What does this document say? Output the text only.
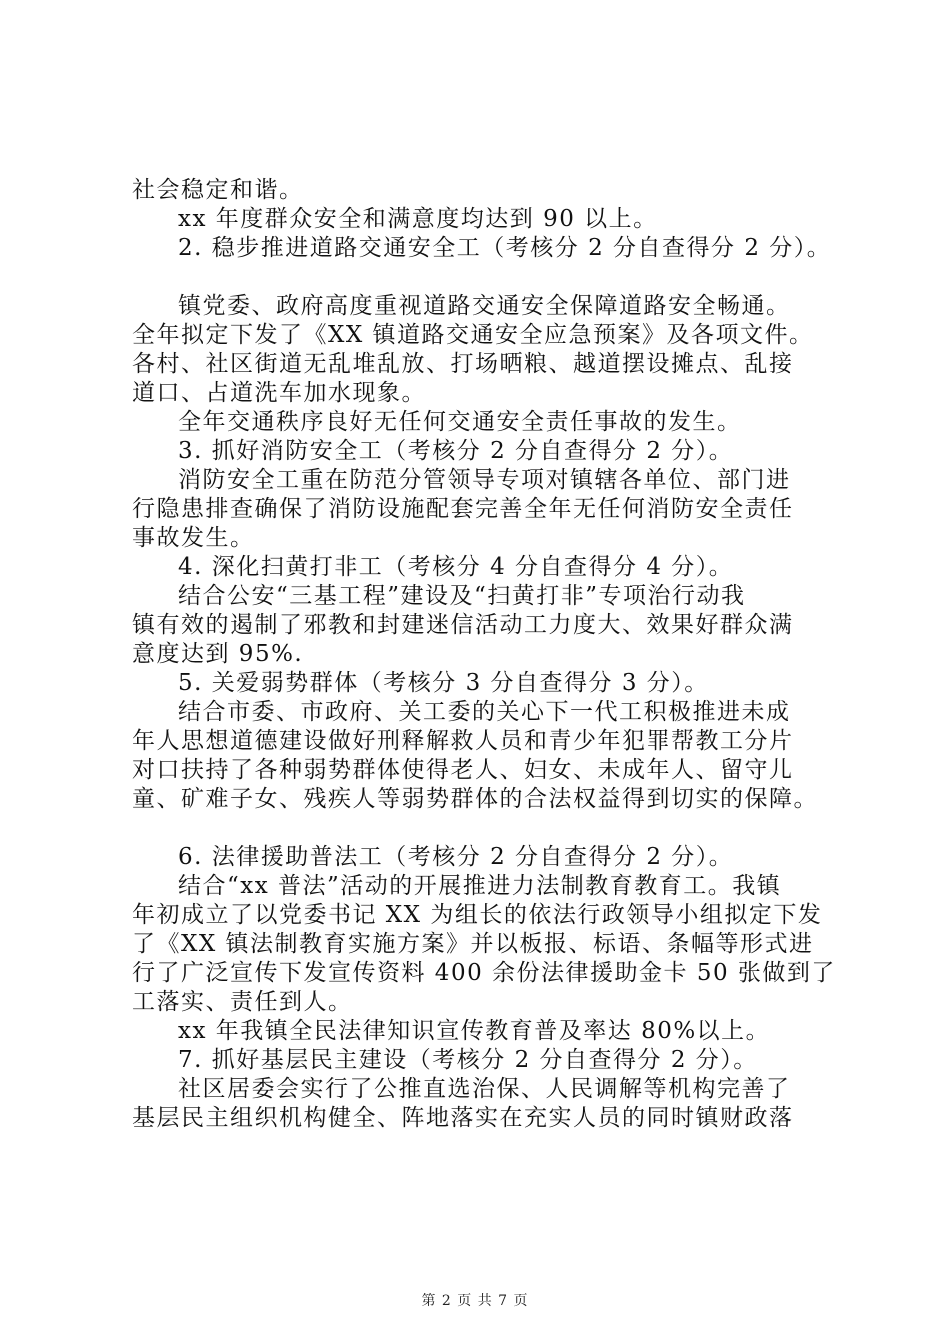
社会稳定和谐。

xx 年度群众安全和满意度均达到 90 以上。

2. 稳步推进道路交通安全工（考核分 2 分自查得分 2 分）。

镇党委、政府高度重视道路交通安全保障道路安全畅通。

全年拟定下发了《XX 镇道路交通安全应急预案》及各项文件。

各村、社区街道无乱堆乱放、打场晒粮、越道摆设摊点、乱接

道口、占道洗车加水现象。

全年交通秩序良好无任何交通安全责任事故的发生。

3. 抓好消防安全工（考核分 2 分自查得分 2 分）。

消防安全工重在防范分管领导专项对镇辖各单位、部门进

行隐患排查确保了消防设施配套完善全年无任何消防安全责任

事故发生。

4. 深化扫黄打非工（考核分 4 分自查得分 4 分）。

结合公安“三基工程”建设及“扫黄打非”专项治行动我

镇有效的遏制了邪教和封建迷信活动工力度大、效果好群众满

意度达到 95%.

5. 关爱弱势群体（考核分 3 分自查得分 3 分）。

结合市委、市政府、关工委的关心下一代工积极推进未成

年人思想道德建设做好刑释解救人员和青少年犯罪帮教工分片

对口扶持了各种弱势群体使得老人、妇女、未成年人、留守儿

童、矿难子女、残疾人等弱势群体的合法权益得到切实的保障。

6. 法律援助普法工（考核分 2 分自查得分 2 分）。

结合“xx 普法”活动的开展推进力法制教育教育工。我镇

年初成立了以党委书记 XX 为组长的依法行政领导小组拟定下发

了《XX 镇法制教育实施方案》并以板报、标语、条幅等形式进

行了广泛宣传下发宣传资料 400 余份法律援助金卡 50 张做到了

工落实、责任到人。

xx 年我镇全民法律知识宣传教育普及率达 80%以上。

7. 抓好基层民主建设（考核分 2 分自查得分 2 分）。

社区居委会实行了公推直选治保、人民调解等机构完善了

基层民主组织机构健全、阵地落实在充实人员的同时镇财政落

第 2 页 共 7 页
